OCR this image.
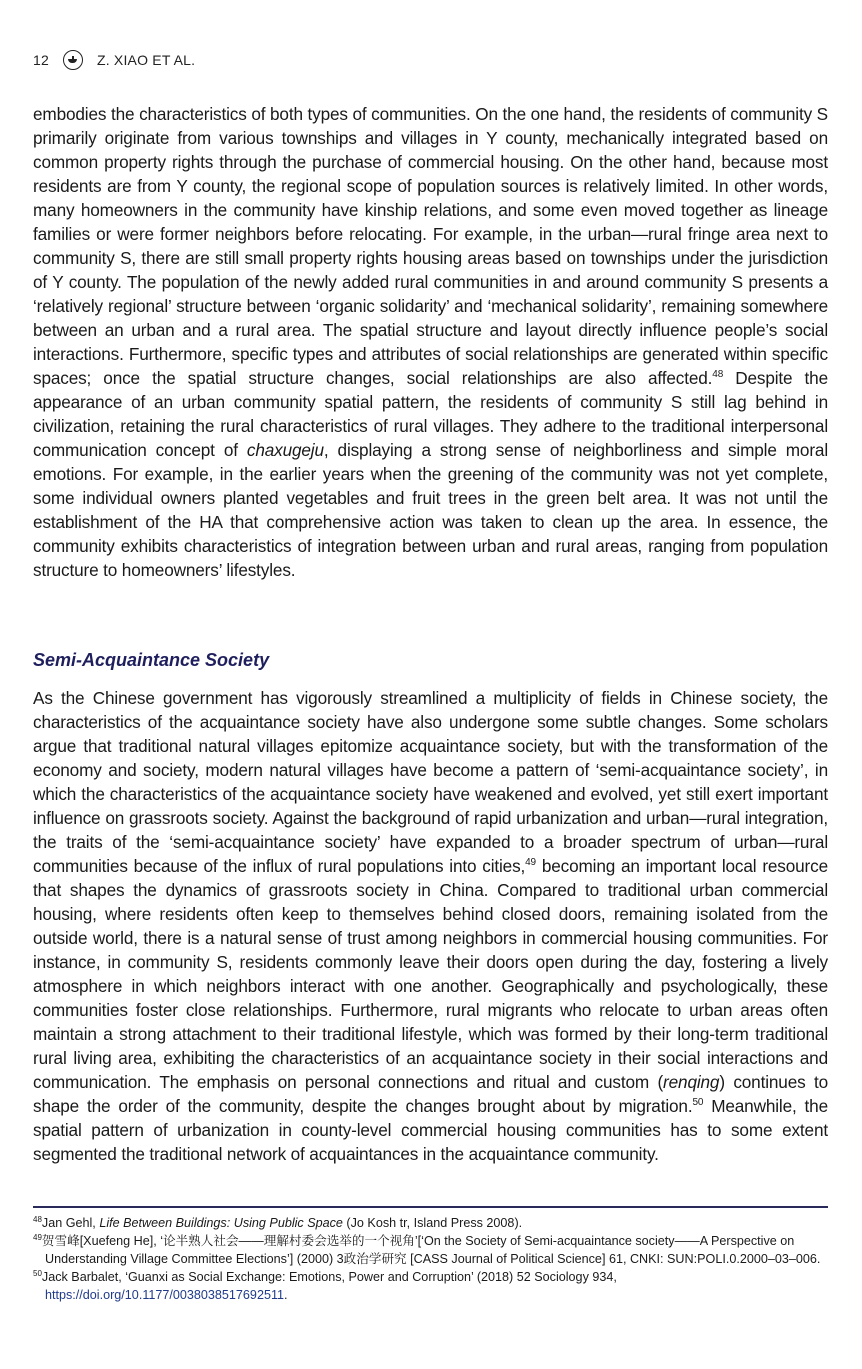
12	Z. XIAO ET AL.

embodies the characteristics of both types of communities. On the one hand, the residents of community S primarily originate from various townships and villages in Y county, mechanically integrated based on common property rights through the purchase of commercial housing. On the other hand, because most residents are from Y county, the regional scope of population sources is relatively limited. In other words, many homeowners in the community have kinship relations, and some even moved together as lineage families or were former neighbors before relocating. For example, in the urban—rural fringe area next to community S, there are still small property rights housing areas based on townships under the jurisdiction of Y county. The population of the newly added rural communities in and around community S presents a ‘relatively regional’ structure between ‘organic solidarity’ and ‘mechanical solidarity’, remaining somewhere between an urban and a rural area. The spatial structure and layout directly influence people’s social interactions. Furthermore, specific types and attributes of social relationships are generated within specific spaces; once the spatial structure changes, social relationships are also affected.$^{48}$ Despite the appearance of an urban community spatial pattern, the residents of community S still lag behind in civilization, retaining the rural characteristics of rural villages. They adhere to the traditional interpersonal communication concept of chaxugeju, displaying a strong sense of neighborliness and simple moral emotions. For example, in the earlier years when the greening of the community was not yet complete, some individual owners planted vegetables and fruit trees in the green belt area. It was not until the establishment of the HA that comprehensive action was taken to clean up the area. In essence, the community exhibits characteristics of integration between urban and rural areas, ranging from population structure to homeowners’ lifestyles.

Semi-Acquaintance Society

As the Chinese government has vigorously streamlined a multiplicity of fields in Chinese society, the characteristics of the acquaintance society have also undergone some subtle changes. Some scholars argue that traditional natural villages epitomize acquaintance society, but with the transformation of the economy and society, modern natural villages have become a pattern of ‘semi-acquaintance society’, in which the characteristics of the acquaintance society have weakened and evolved, yet still exert important influence on grassroots society. Against the background of rapid urbanization and urban—rural integration, the traits of the ‘semi-acquaintance society’ have expanded to a broader spectrum of urban—rural communities because of the influx of rural populations into cities,$^{49}$ becoming an important local resource that shapes the dynamics of grassroots society in China. Compared to traditional urban commercial housing, where residents often keep to themselves behind closed doors, remaining isolated from the outside world, there is a natural sense of trust among neighbors in commercial housing communities. For instance, in community S, residents commonly leave their doors open during the day, fostering a lively atmosphere in which neighbors interact with one another. Geographically and psychologically, these communities foster close relationships. Furthermore, rural migrants who relocate to urban areas often maintain a strong attachment to their traditional lifestyle, which was formed by their long-term traditional rural living area, exhibiting the characteristics of an acquaintance society in their social interactions and communication. The emphasis on personal connections and ritual and custom (renqing) continues to shape the order of the community, despite the changes brought about by migration.$^{50}$ Meanwhile, the spatial pattern of urbanization in county-level commercial housing communities has to some extent segmented the traditional network of acquaintances in the acquaintance community.

$^{48}$Jan Gehl, Life Between Buildings: Using Public Space (Jo Kosh tr, Island Press 2008).
$^{49}$贺雪峰[Xuefeng He], ‘论半熟人社会——理解村委会选举的一个视角’[‘On the Society of Semi-acquaintance society——A Perspective on Understanding Village Committee Elections’] (2000) 3政治学研究 [CASS Journal of Political Science] 61, CNKI: SUN:POLI.0.2000–03–006.
$^{50}$Jack Barbalet, ‘Guanxi as Social Exchange: Emotions, Power and Corruption’ (2018) 52 Sociology 934, https://doi.org/10.1177/0038038517692511.
